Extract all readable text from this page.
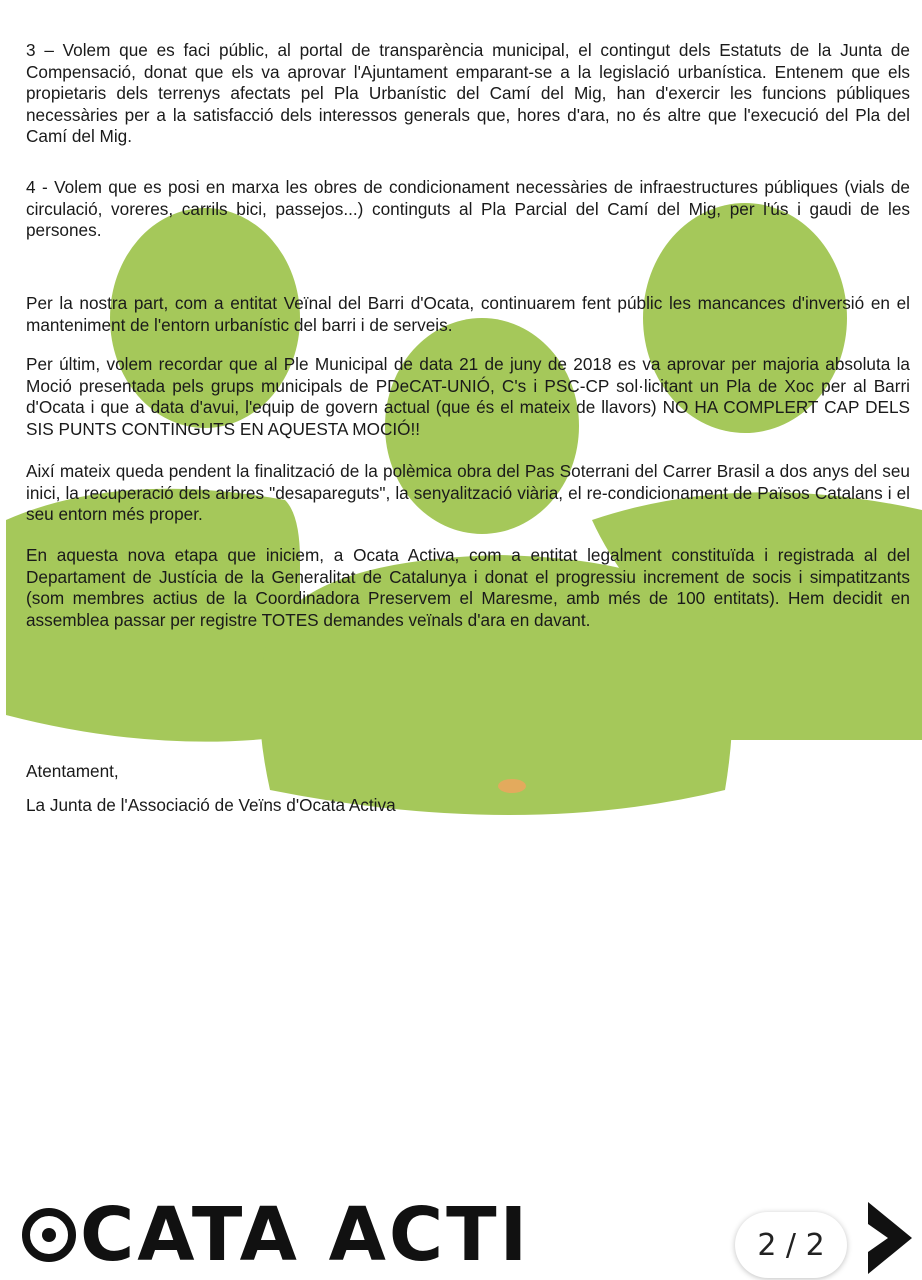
3 – Volem que es faci públic, al portal de transparència municipal, el contingut dels Estatuts de la Junta de Compensació, donat que els va aprovar l'Ajuntament emparant-se a la legislació urbanística. Entenem que els propietaris dels terrenys afectats pel Pla Urbanístic del Camí del Mig, han d'exercir les funcions públiques necessàries per a la satisfacció dels interessos generals que, hores d'ara, no és altre que l'execució del Pla del Camí del Mig.

4 - Volem que es posi en marxa les obres de condicionament necessàries de infraestructures públiques (vials de circulació, voreres, carrils bici, passejos...) continguts al Pla Parcial del Camí del Mig, per l'ús i gaudi de les persones.

Per la nostra part, com a entitat Veïnal del Barri d'Ocata, continuarem fent públic les mancances d'inversió en el manteniment de l'entorn urbanístic del barri i de serveis.

Per últim, volem recordar que al Ple Municipal de data 21 de juny de 2018 es va aprovar per majoria absoluta la Moció presentada pels grups municipals de PDeCAT-UNIÓ, C's i PSC-CP sol·licitant un Pla de Xoc per al Barri d'Ocata i que a data d'avui, l'equip de govern actual (que és el mateix de llavors) NO HA COMPLERT CAP DELS SIS PUNTS CONTINGUTS EN AQUESTA MOCIÓ!!

Així mateix queda pendent la finalització de la polèmica obra del Pas Soterrani del Carrer Brasil a dos anys del seu inici, la recuperació dels arbres "desapareguts", la senyalització viària, el re-condicionament de Països Catalans i el seu entorn més proper.

En aquesta nova etapa que iniciem, a Ocata Activa, com a entitat legalment constituïda i registrada al del Departament de Justícia de la Generalitat de Catalunya i donat el progressiu increment de socis i simpatitzants (som membres actius de la Coordinadora Preservem el Maresme, amb més de 100 entitats). Hem decidit en assemblea passar per registre TOTES demandes veïnals d'ara en davant.

Atentament,

La Junta de l'Associació de Veïns d'Ocata Activa

CATA ACTI	2 / 2
